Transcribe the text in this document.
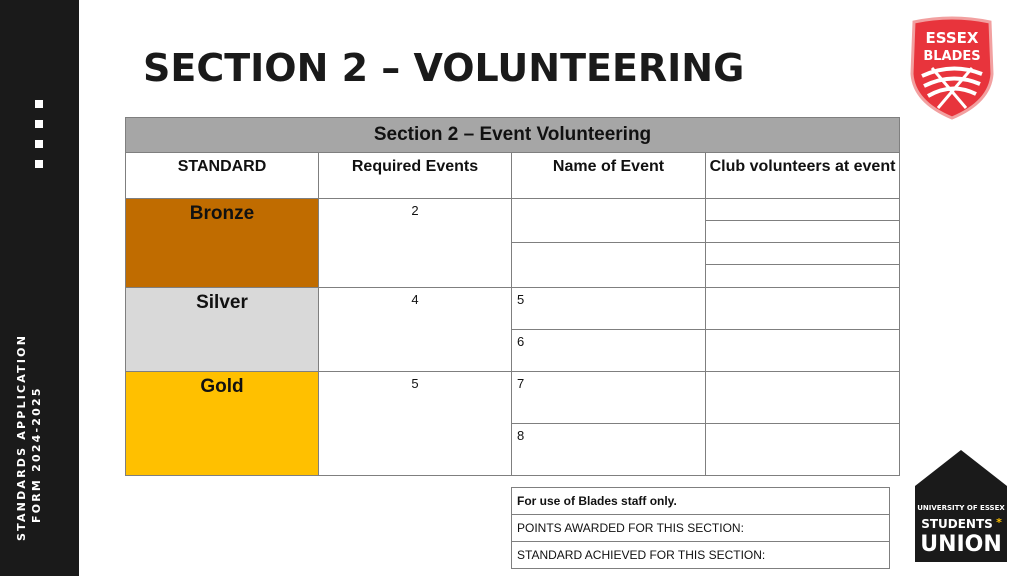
STANDARDS APPLICATION FORM 2024-2025
SECTION 2 – VOLUNTEERING
ESSEX
BLADES
Section 2 – Event Volunteering			
STANDARD	Required Events	Name of Event	Club volunteers at event
Bronze	2		

Silver	4	5	
		6	
Gold	5	7	
		8	
For use of Blades staff only.
POINTS AWARDED FOR THIS SECTION:
STANDARD ACHIEVED FOR THIS SECTION:
UNIVERSITY OF ESSEX
STUDENTS *
UNION
